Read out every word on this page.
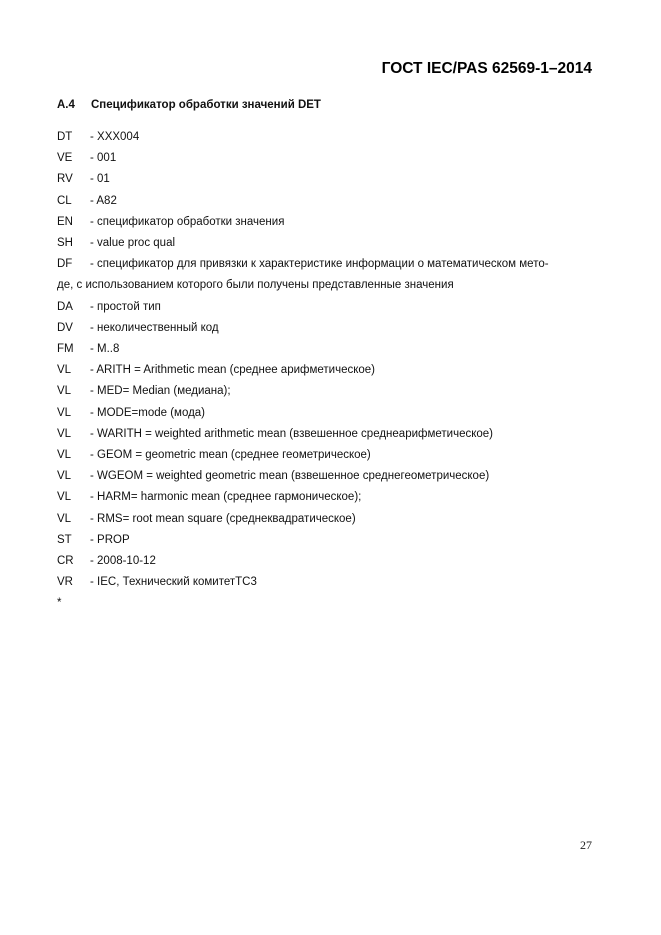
ГОСТ IEC/PAS 62569-1–2014
А.4 Спецификатор обработки значений DET
DT	- XXX004
VE	- 001
RV	- 01
CL	- A82
EN	- спецификатор обработки значения
SH	- value proc qual
DF	- спецификатор для привязки к характеристике информации о математическом мето-
де, с использованием которого были получены представленные значения
DA	- простой тип
DV	- неколичественный код
FM	- M..8
VL	- ARITH = Arithmetic mean (среднее арифметическое)
VL	- MED= Median (медиана);
VL	- MODE=mode (мода)
VL	- WARITH = weighted arithmetic mean (взвешенное среднеарифметическое)
VL	- GEOM = geometric mean (среднее геометрическое)
VL	- WGEOM = weighted geometric mean (взвешенное среднегеометрическое)
VL	- HARM= harmonic mean (среднее гармоническое);
VL	- RMS= root mean square (среднеквадратическое)
ST	- PROP
CR	- 2008-10-12
VR	- IEC, Технический комитетTC3
*
27
